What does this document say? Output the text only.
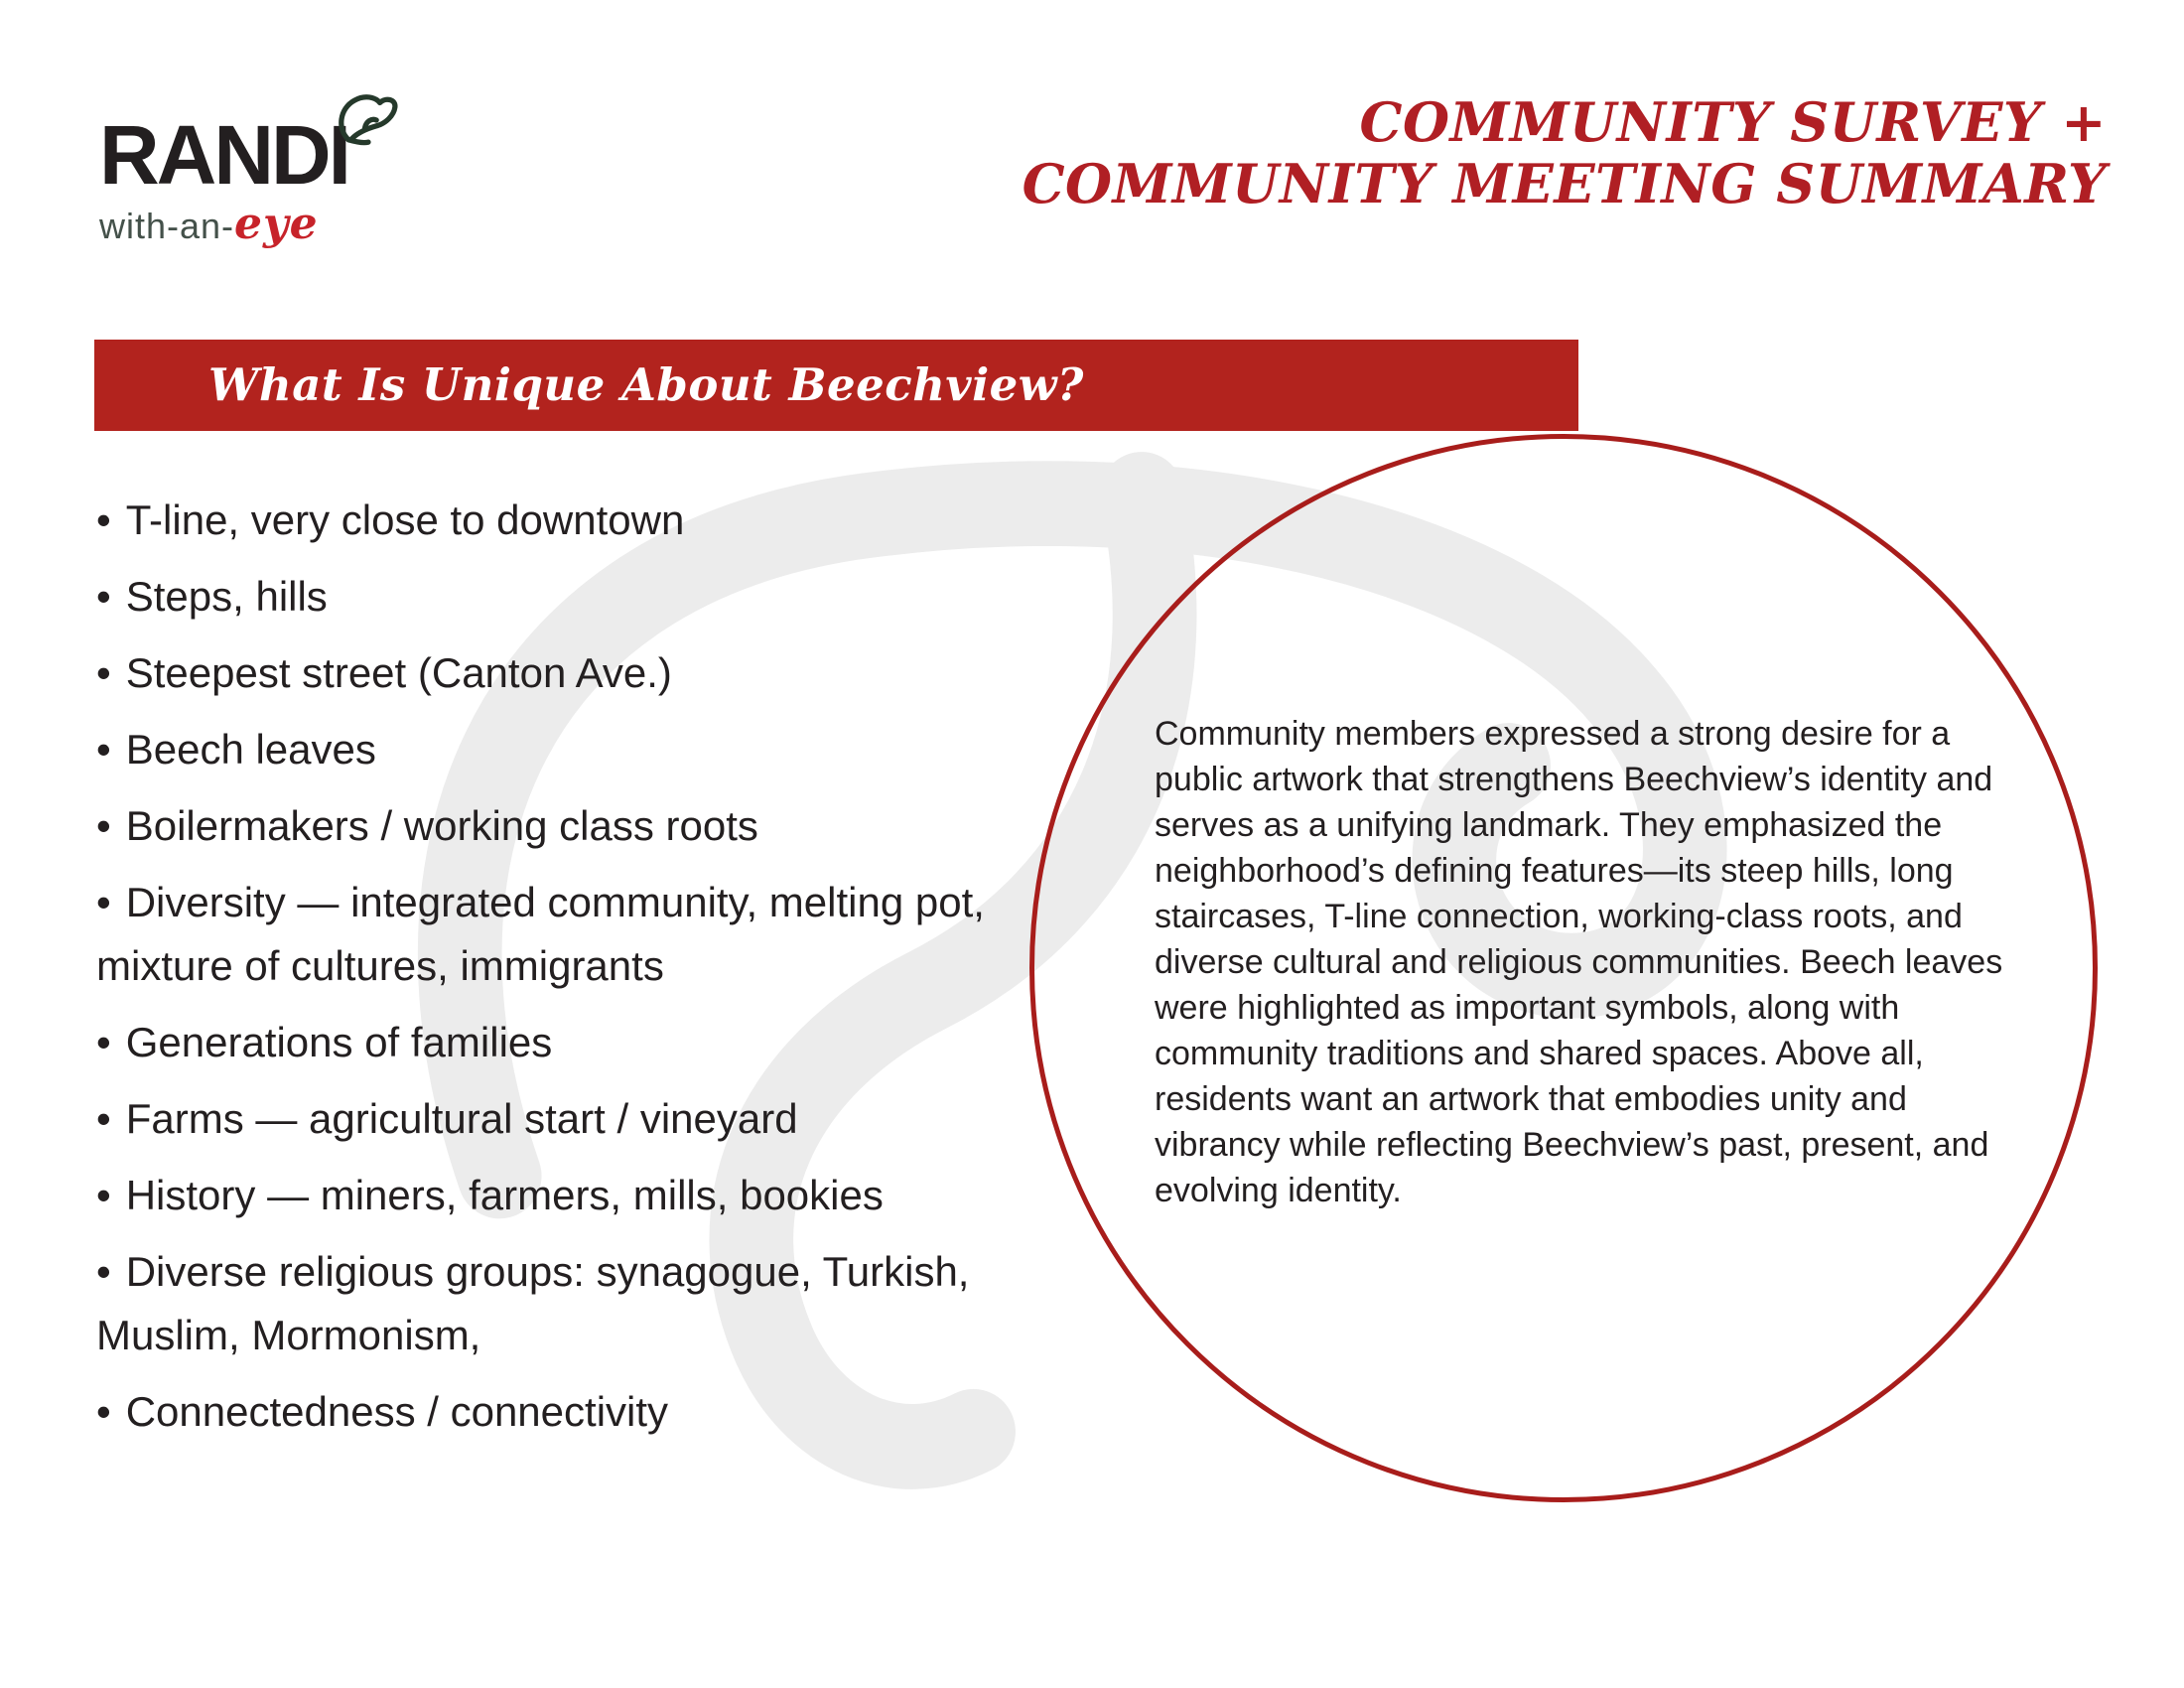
RANDI
with-an-eye
COMMUNITY SURVEY +
COMMUNITY MEETING SUMMARY
What Is Unique About Beechview?
• T-line, very close to downtown
• Steps, hills
• Steepest street (Canton Ave.)
• Beech leaves
• Boilermakers / working class roots
• Diversity — integrated community, melting pot, mixture of cultures, immigrants
• Generations of families
• Farms — agricultural start / vineyard
• History — miners, farmers, mills, bookies
• Diverse religious groups: synagogue, Turkish, Muslim, Mormonism,
• Connectedness / connectivity
Community members expressed a strong desire for a public artwork that strengthens Beechview’s identity and serves as a unifying landmark. They emphasized the neighborhood’s defining features—its steep hills, long staircases, T-line connection, working-class roots, and diverse cultural and religious communities. Beech leaves were highlighted as important symbols, along with community traditions and shared spaces. Above all, residents want an artwork that embodies unity and vibrancy while reflecting Beechview’s past, present, and evolving identity.
